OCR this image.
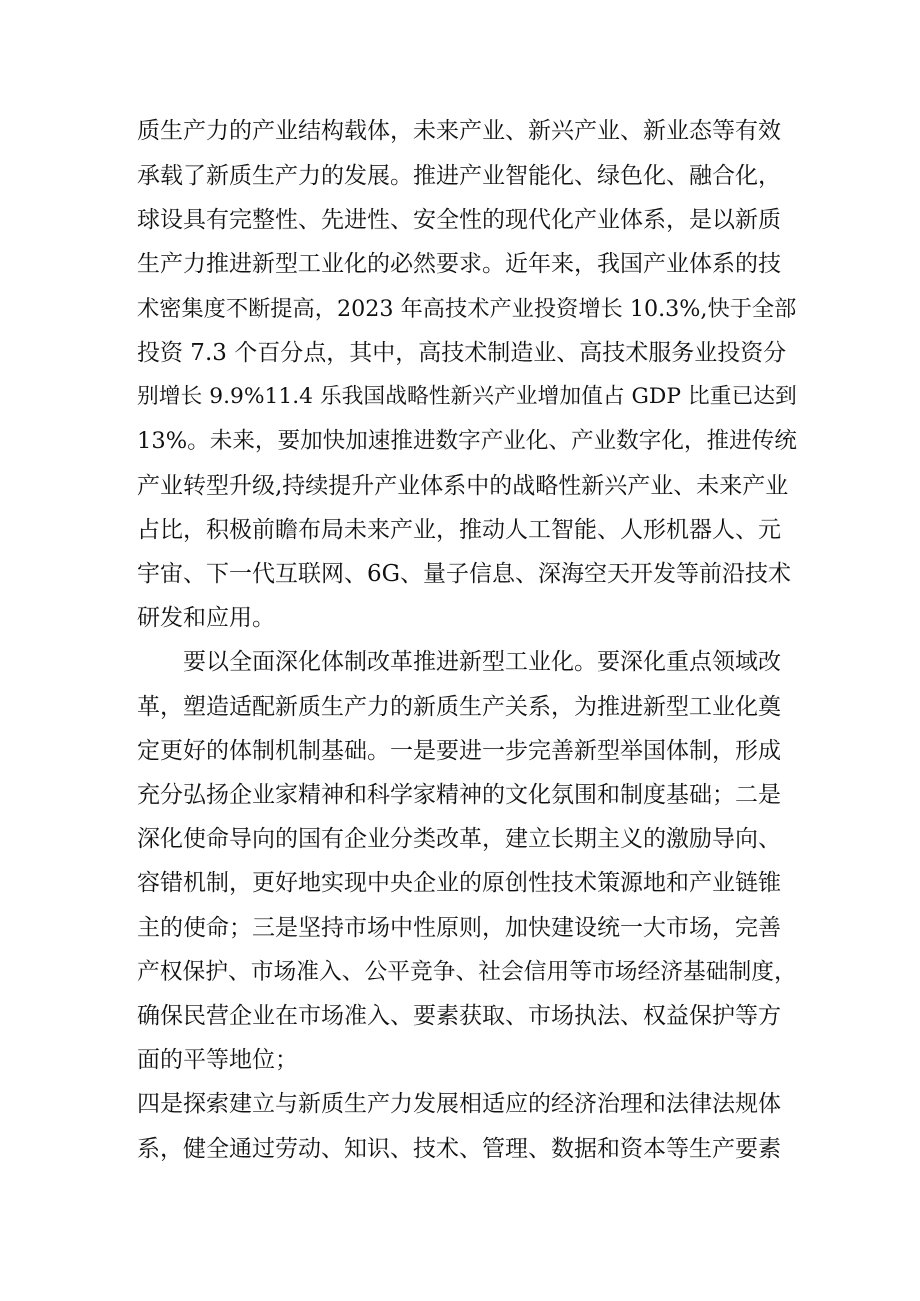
质生产力的产业结构载体，未来产业、新兴产业、新业态等有效
承载了新质生产力的发展。推进产业智能化、绿色化、融合化，
球设具有完整性、先进性、安全性的现代化产业体系，是以新质
生产力推进新型工业化的必然要求。近年来，我国产业体系的技
术密集度不断提高，2023 年高技术产业投资增长 10.3%,快于全部
投资 7.3 个百分点，其中，高技术制造业、高技术服务业投资分
别增长 9.9%11.4 乐我国战略性新兴产业增加值占 GDP 比重已达到
13%。未来，要加快加速推进数字产业化、产业数字化，推进传统
产业转型升级,持续提升产业体系中的战略性新兴产业、未来产业
占比，积极前瞻布局未来产业，推动人工智能、人形机器人、元
宇宙、下一代互联网、6G、量子信息、深海空天开发等前沿技术
研发和应用。
要以全面深化体制改革推进新型工业化。要深化重点领域改
革，塑造适配新质生产力的新质生产关系，为推进新型工业化奠
定更好的体制机制基础。一是要进一步完善新型举国体制，形成
充分弘扬企业家精神和科学家精神的文化氛围和制度基础；二是
深化使命导向的国有企业分类改革，建立长期主义的激励导向、
容错机制，更好地实现中央企业的原创性技术策源地和产业链锥
主的使命；三是坚持市场中性原则，加快建设统一大市场，完善
产权保护、市场准入、公平竞争、社会信用等市场经济基础制度，
确保民营企业在市场准入、要素获取、市场执法、权益保护等方
面的平等地位；
四是探索建立与新质生产力发展相适应的经济治理和法律法规体
系，健全通过劳动、知识、技术、管理、数据和资本等生产要素
